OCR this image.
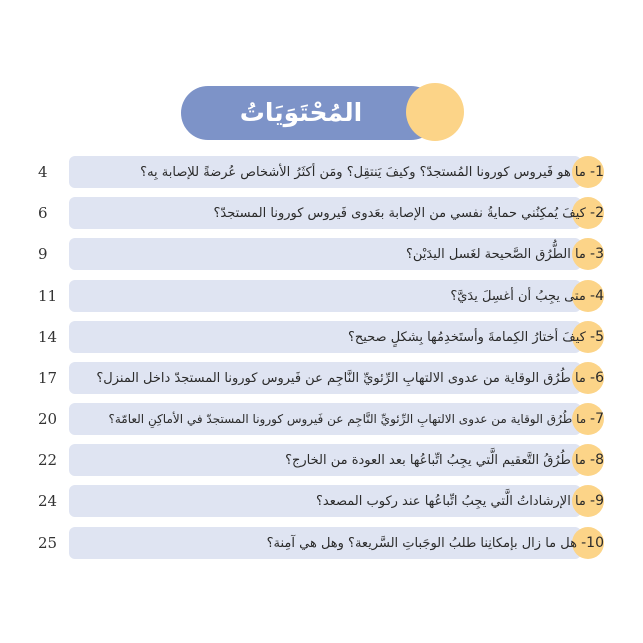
المُحْتَوَيَاتُ
1- ما هو فَيروس كورونا المُستجدّ؟ وكيفَ يَنتقِل؟ ومَن أكثَرُ الأشخاص عُرضةً للإصابة بِه؟
4
2- كيفَ يُمكِنُني حمايةُ نفسي من الإصابة بعَدوى فَيروس كورونا المستجدّ؟
6
3- ما الطُّرُق الصَّحيحة لغَسل اليدَيْن؟
9
4- متى يجِبُ أن أغسِلَ يدَيَّ؟
11
5- كيفَ أختارُ الكِمامةَ وأستَخدِمُها بِشكلٍ صحيح؟
14
6- ما طُرُق الوقاية من عدوى الالتهابِ الرِّئويِّ النَّاجِم عن فَيروس كورونا المستجدّ داخل المنزل؟
17
7- ما طُرُق الوقاية من عدوى الالتهابِ الرِّئويِّ النَّاجِم عن فَيروس كورونا المستجدّ في الأماكِنِ العامّة؟
20
8- ما طُرُقُ التَّعقيم الَّتي يجِبُ اتِّباعُها بعد العودة من الخارج؟
22
9- ما الإرشاداتُ الَّتي يجِبُ اتِّباعُها عند ركوب المصعد؟
24
10- هل ما زال بإمكانِنا طلبُ الوجَباتِ السَّريعة؟ وهل هي آمِنة؟
25
